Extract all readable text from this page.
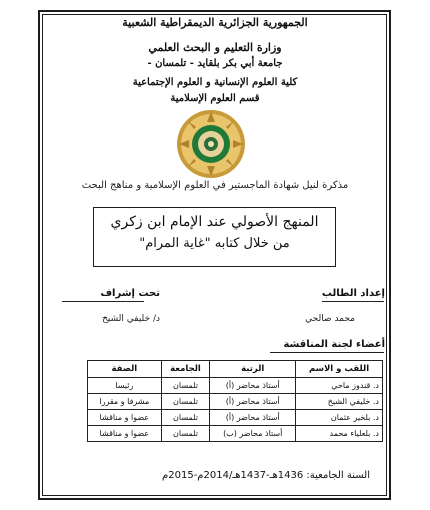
الجمهورية الجزائرية الديمقراطية الشعبية
وزارة التعليم و البحث العلمي
جامعة أبي بكر بلقايد - تلمسان -
كلية العلوم الإنسانية و العلوم الإجتماعية
قسم العلوم الإسلامية
مذكرة لنيل شهادة الماجستير في العلوم الإسلامية و مناهج البحث
المنهج الأصولي عند الإمام ابن زكري
من خلال كتابه "غاية المرام"
إعداد الطالب
محمد صالحي
تحت إشراف
د/ خليفي الشيخ
أعضاء لجنة المناقشة
اللقب و الاسم	الرتبة	الجامعة	الصفة
د. قندوز ماحي	أستاذ محاضر (أ)	تلمسان	رئيسا
د. خليفي الشيخ	أستاذ محاضر (أ)	تلمسان	مشرفا و مقررا
د. بلخير عثمان	أستاذ محاضر (أ)	تلمسان	عضوا و مناقشا
د. بلعلياء محمد	أستاذ محاضر (ب)	تلمسان	عضوا و مناقشا
السنة الجامعية: 1436هـ-1437هـ/2014م-2015م
